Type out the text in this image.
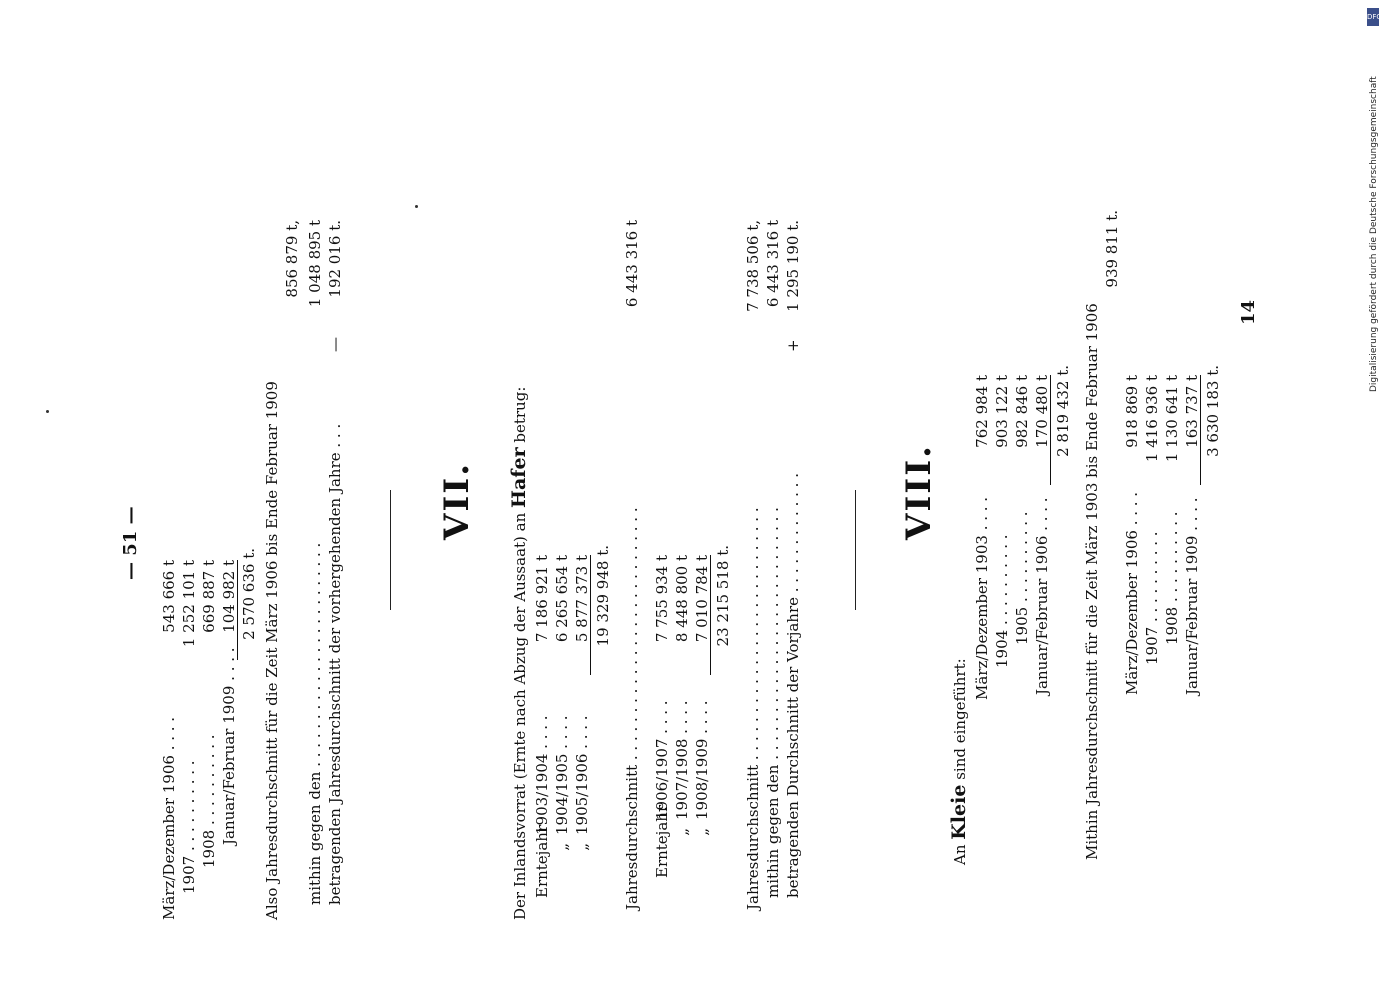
DFG
Digitalisierung gefördert durch die Deutsche Forschungsgemeinschaft
— 51 —
März/Dezember 1906 . . . .
543 666 t
1907 . . . . . . . . . .
1 252 101 t
1908 . . . . . . . . . .
669 887 t
Januar/Februar 1909 . . . .
104 982 t 2 570 636 t. Also Jahresdurchschnitt für die Zeit März 1906 bis Ende Februar 1909
856 879 t,
mithin gegen den . . . . . . . . . . . . . . . . . . . . . . . .
1 048 895 t
betragenden Jahresdurchschnitt der vorhergehenden Jahre . . .
—
192 016 t.
VII.
Der Inlandsvorrat (Ernte nach Abzug der Aussaat) an Hafer betrug:
Erntejahr
1903/1904 . . . .
7 186 921 t
„
1904/1905 . . . .
6 265 654 t
„
1905/1906 . . . .
5 877 373 t 19 329 948 t. Jahresdurchschnitt . . . . . . . . . . . . . . . . . . . . . . . . . . .
6 443 316 t
Erntejahr
1906/1907 . . . .
7 755 934 t
„
1907/1908 . . . .
8 448 800 t
„
1908/1909 . . . .
7 010 784 t 23 215 518 t. Jahresdurchschnitt . . . . . . . . . . . . . . . . . . . . . . . . . . .
7 738 506 t,
mithin gegen den . . . . . . . . . . . . . . . . . . . . . . . . . . .
6 443 316 t
betragenden Durchschnitt der Vorjahre . . . . . . . . . . . . .
+
1 295 190 t.
VIII.
An Kleie sind eingeführt:
März/Dezember 1903 . . . .
762 984 t
1904 . . . . . . . . . .
903 122 t
1905 . . . . . . . . . .
982 846 t
Januar/Februar 1906 . . . .
170 480 t 2 819 432 t. Mithin Jahresdurchschnitt für die Zeit März 1903 bis Ende Februar 1906
939 811 t.
März/Dezember 1906 . . . .
918 869 t
1907 . . . . . . . . . .
1 416 936 t
1908 . . . . . . . . . .
1 130 641 t
Januar/Februar 1909 . . . .
163 737 t 3 630 183 t.
14
